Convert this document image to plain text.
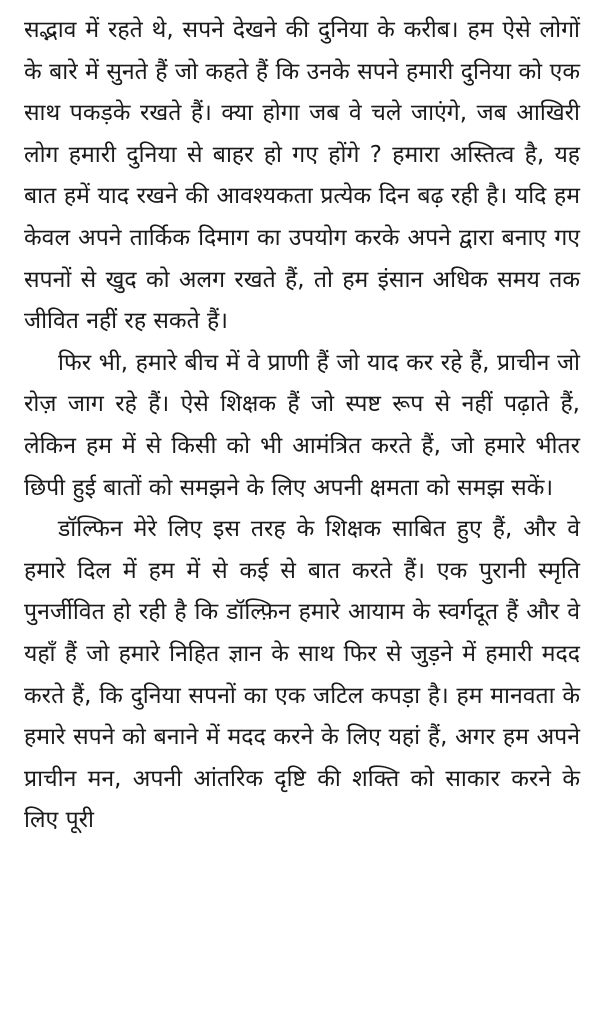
सद्भाव में रहते थे, सपने देखने की दुनिया के करीब। हम ऐसे लोगों के बारे में सुनते हैं जो कहते हैं कि उनके सपने हमारी दुनिया को एक साथ पकड़के रखते हैं। क्या होगा जब वे चले जाएंगे, जब आखिरी लोग हमारी दुनिया से बाहर हो गए होंगे ? हमारा अस्तित्व है, यह बात हमें याद रखने की आवश्यकता प्रत्येक दिन बढ़ रही है। यदि हम केवल अपने तार्किक दिमाग का उपयोग करके अपने द्वारा बनाए गए सपनों से खुद को अलग रखते हैं, तो हम इंसान अधिक समय तक जीवित नहीं रह सकते हैं।

फिर भी, हमारे बीच में वे प्राणी हैं जो याद कर रहे हैं, प्राचीन जो रोज़ जाग रहे हैं। ऐसे शिक्षक हैं जो स्पष्ट रूप से नहीं पढ़ाते हैं, लेकिन हम में से किसी को भी आमंत्रित करते हैं, जो हमारे भीतर छिपी हुई बातों को समझने के लिए अपनी क्षमता को समझ सकें।

डॉल्फिन मेरे लिए इस तरह के शिक्षक साबित हुए हैं, और वे हमारे दिल में हम में से कई से बात करते हैं। एक पुरानी स्मृति पुनर्जीवित हो रही है कि डॉल्फ़िन हमारे आयाम के स्वर्गदूत हैं और वे यहाँ हैं जो हमारे निहित ज्ञान के साथ फिर से जुड़ने में हमारी मदद करते हैं, कि दुनिया सपनों का एक जटिल कपड़ा है। हम मानवता के हमारे सपने को बनाने में मदद करने के लिए यहां हैं, अगर हम अपने प्राचीन मन, अपनी आंतरिक दृष्टि की शक्ति को साकार करने के लिए पूरी
